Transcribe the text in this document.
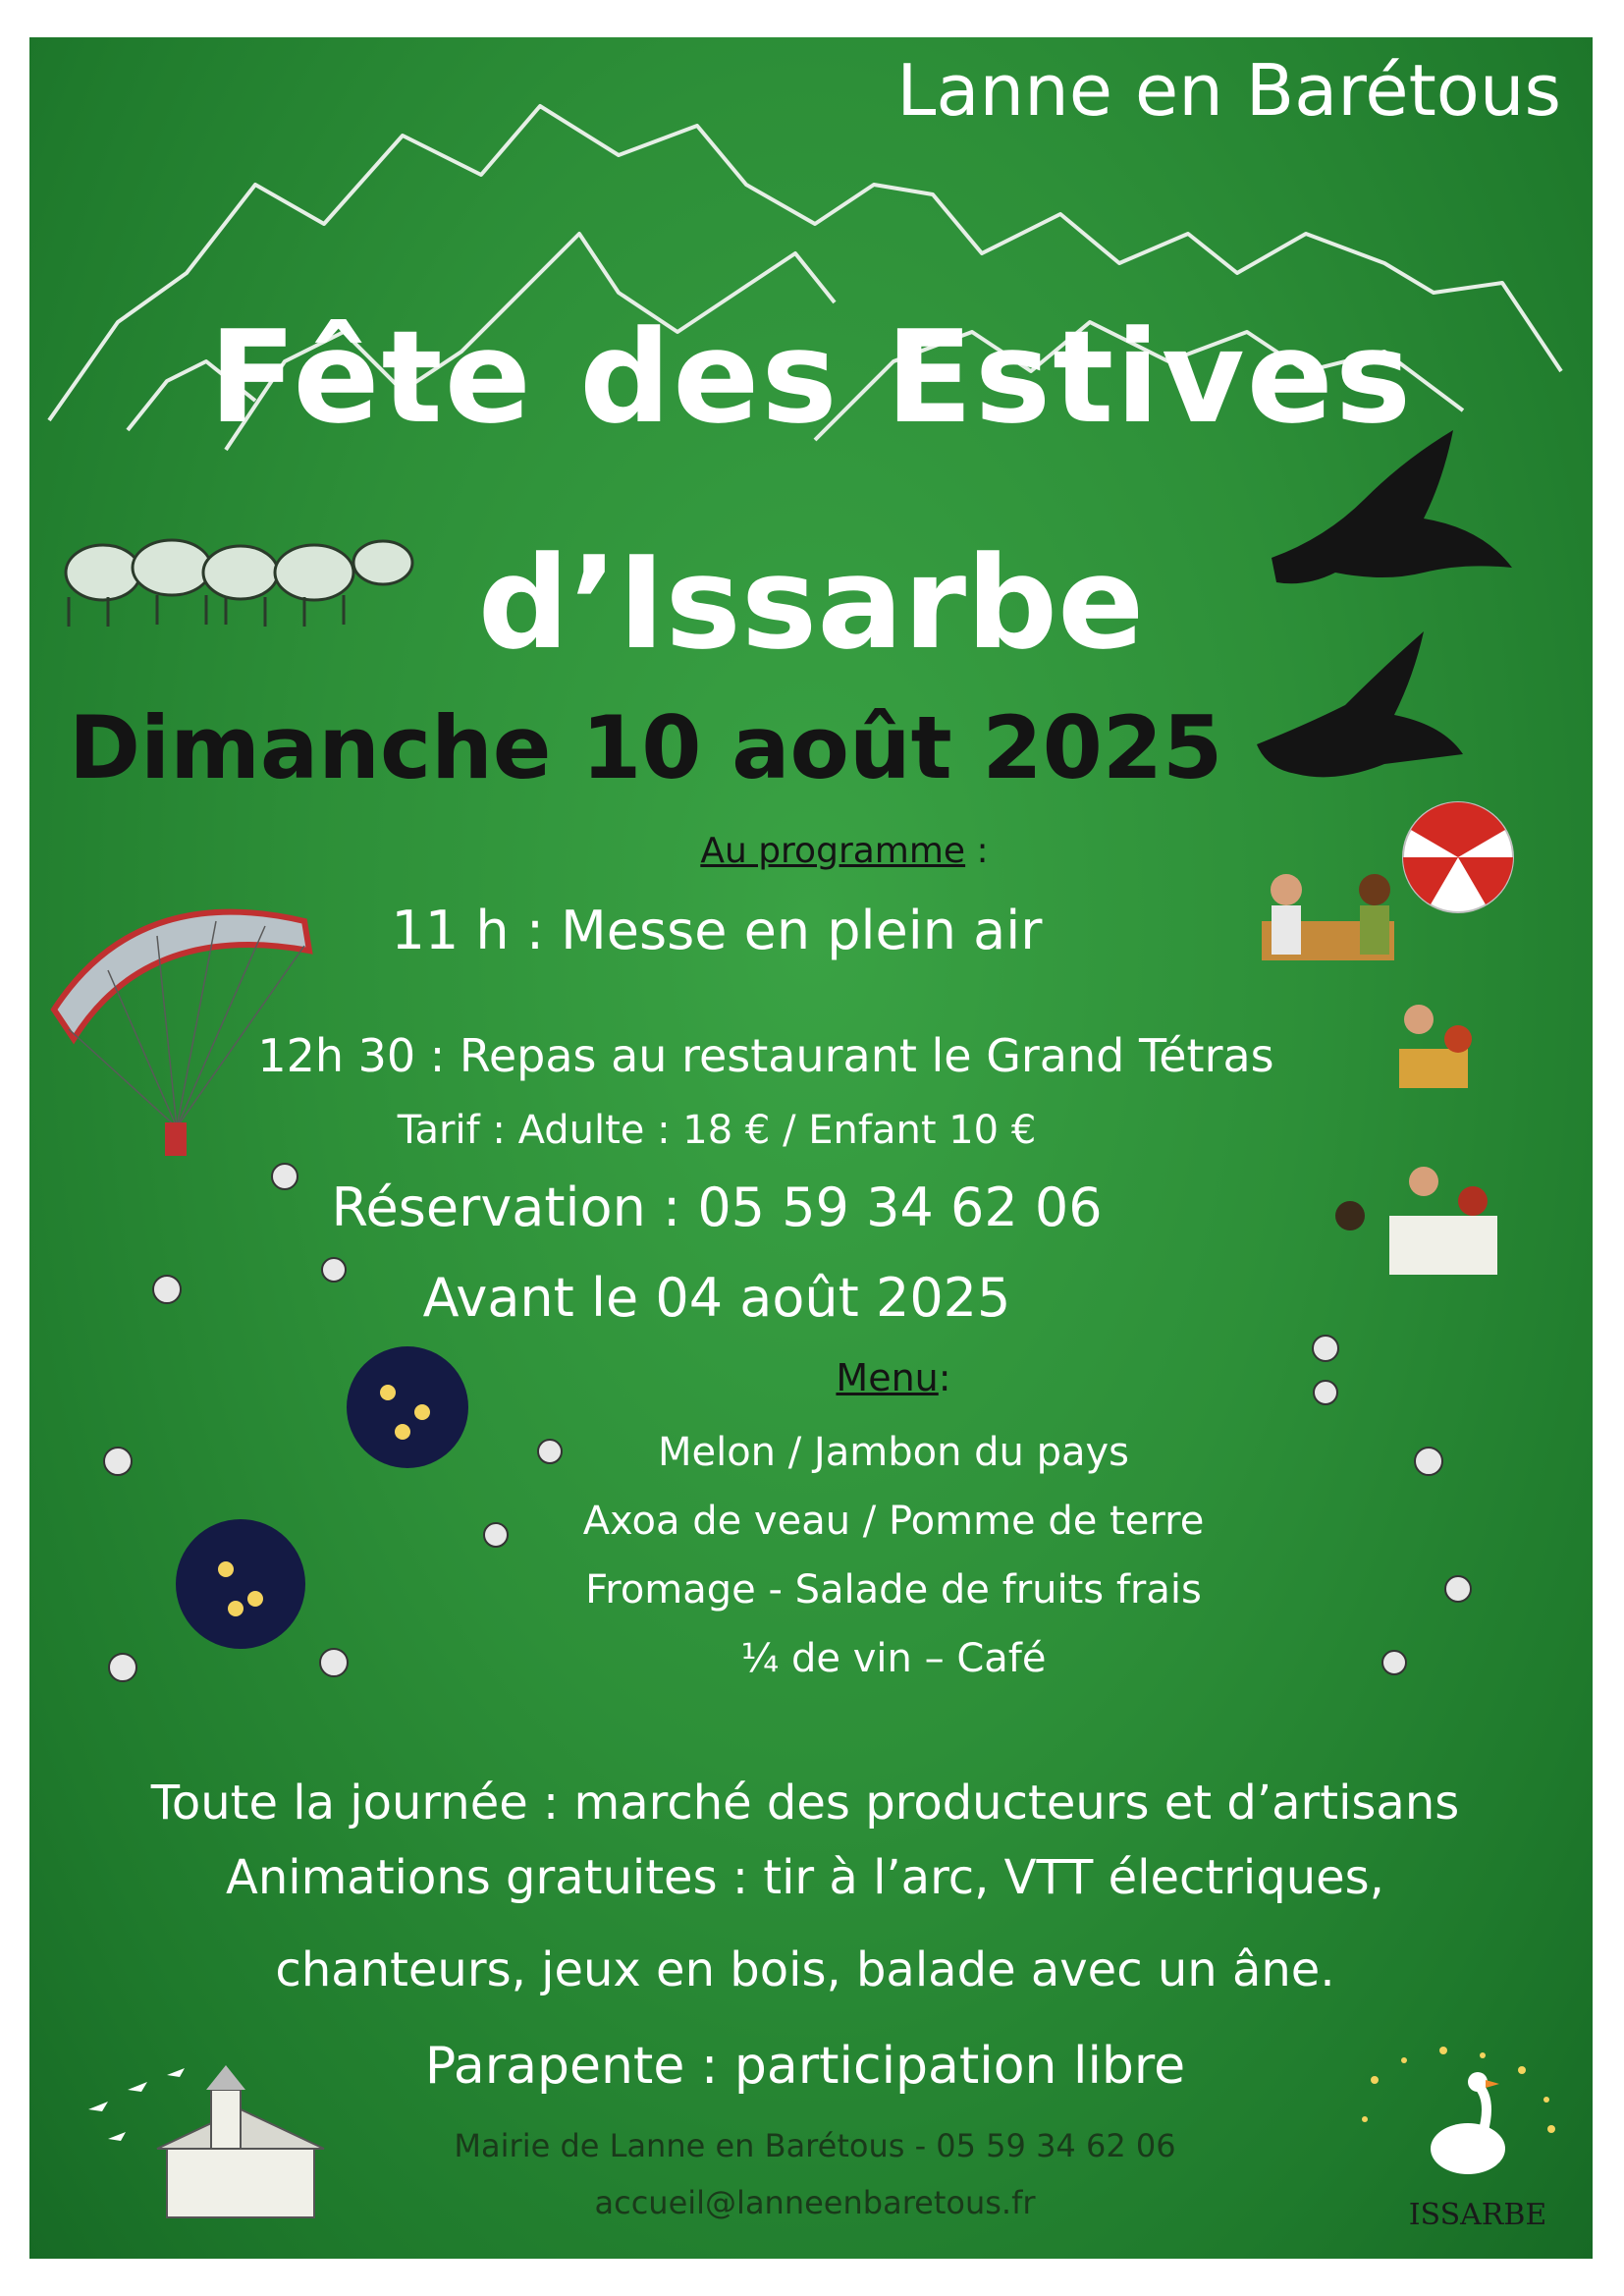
Lanne en Barétous
Fête des Estives
d’Issarbe
Dimanche 10 août 2025
Au programme :
11 h : Messe en plein air
12h 30 : Repas au restaurant le Grand Tétras
Tarif : Adulte : 18 € / Enfant 10 €
Réservation : 05 59 34 62 06
Avant le 04 août 2025
Menu:
Melon / Jambon du pays
Axoa de veau / Pomme de terre
Fromage - Salade de fruits frais
¼ de vin – Café
Toute la journée : marché des producteurs et d’artisans
Animations gratuites : tir à l’arc, VTT électriques,
chanteurs, jeux en bois, balade avec un âne.
Parapente : participation libre
Mairie de Lanne en Barétous - 05 59 34 62 06
accueil@lanneenbaretous.fr	ISSARBE
